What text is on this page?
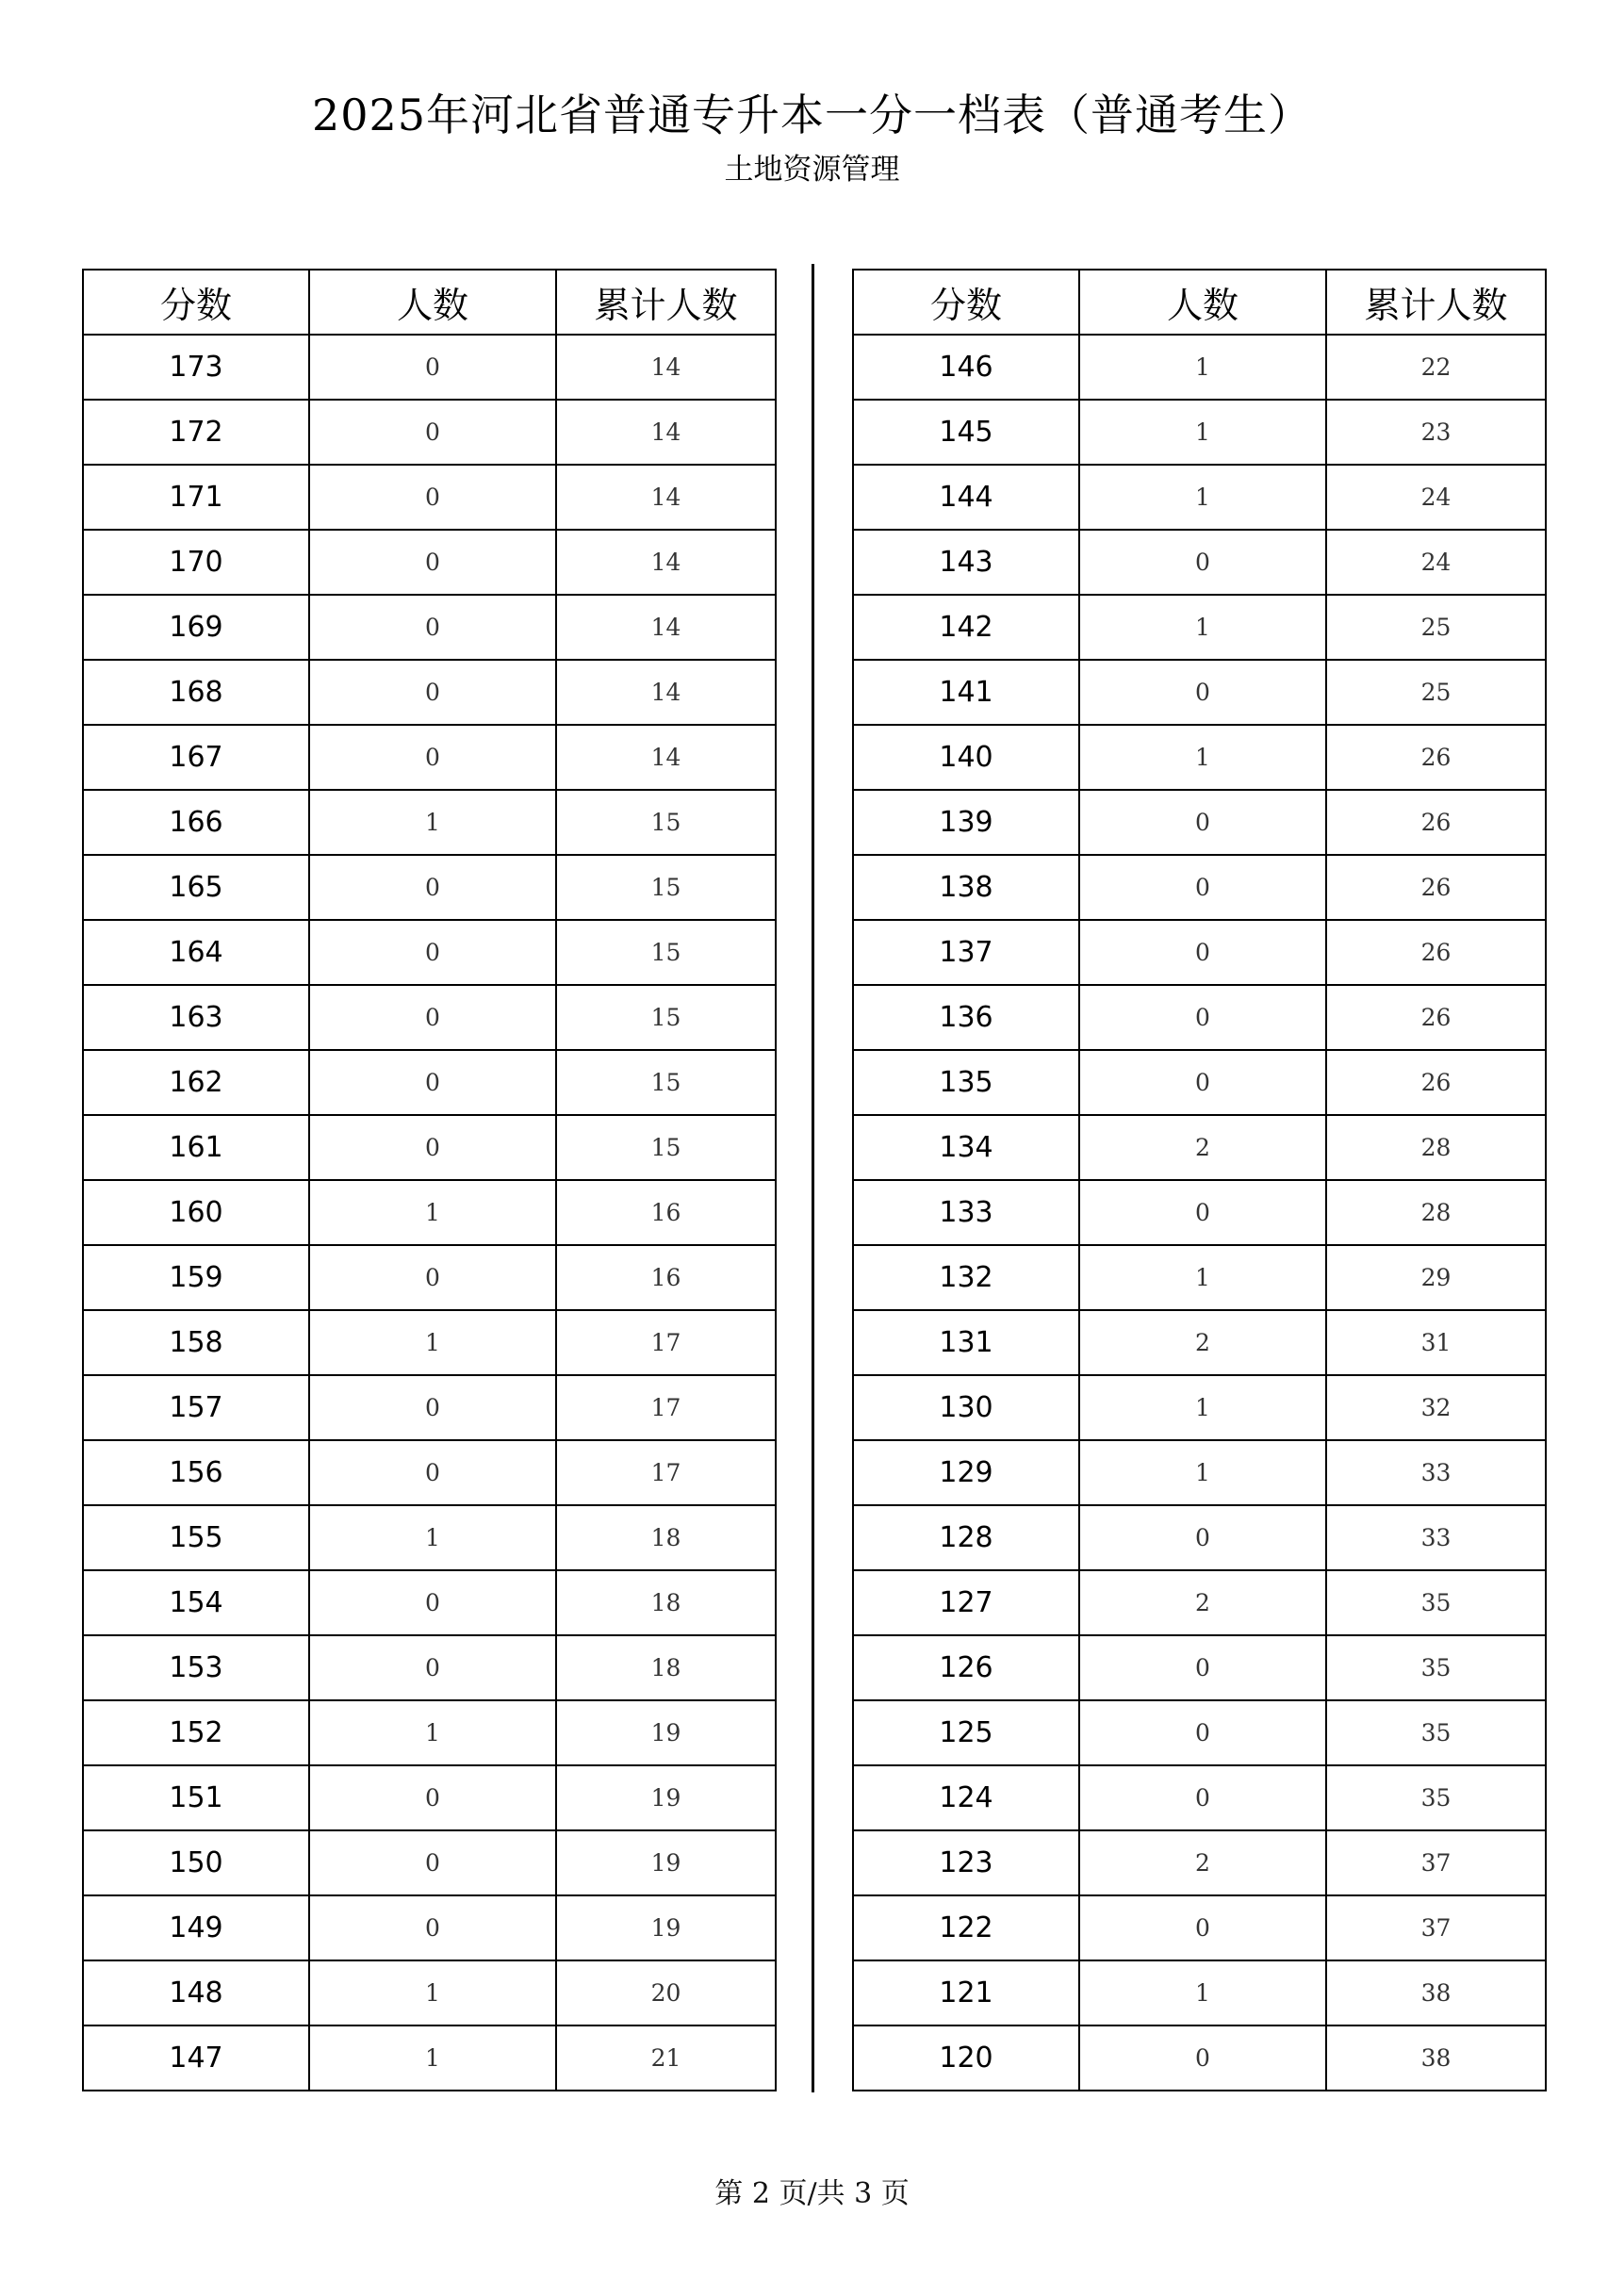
2025年河北省普通专升本一分一档表（普通考生）
土地资源管理
分数	人数	累计人数
173	0	14
172	0	14
171	0	14
170	0	14
169	0	14
168	0	14
167	0	14
166	1	15
165	0	15
164	0	15
163	0	15
162	0	15
161	0	15
160	1	16
159	0	16
158	1	17
157	0	17
156	0	17
155	1	18
154	0	18
153	0	18
152	1	19
151	0	19
150	0	19
149	0	19
148	1	20
147	1	21
分数	人数	累计人数
146	1	22
145	1	23
144	1	24
143	0	24
142	1	25
141	0	25
140	1	26
139	0	26
138	0	26
137	0	26
136	0	26
135	0	26
134	2	28
133	0	28
132	1	29
131	2	31
130	1	32
129	1	33
128	0	33
127	2	35
126	0	35
125	0	35
124	0	35
123	2	37
122	0	37
121	1	38
120	0	38
第 2 页/共 3 页
